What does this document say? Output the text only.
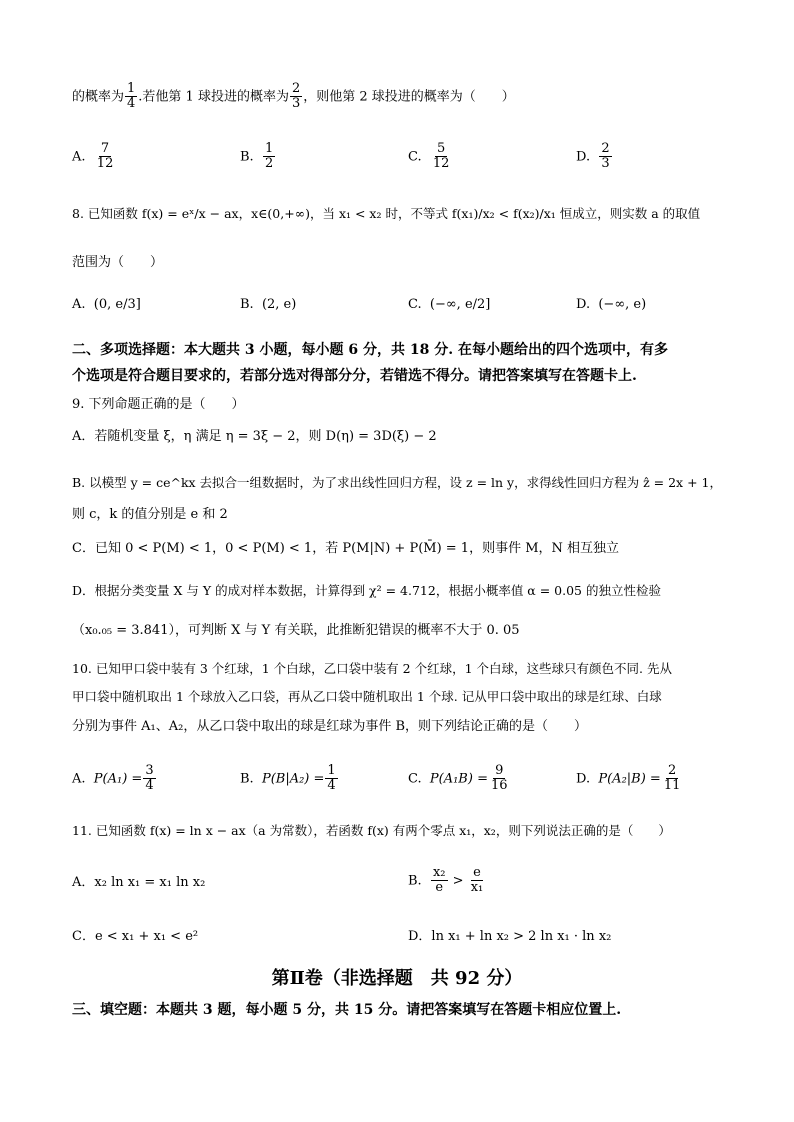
的概率为 $\frac{1}{4}$ .若他第 1 球投进的概率为 $\frac{2}{3}$ ，则他第 2 球投进的概率为（　　）
A. $\frac{7}{12}$	B. $\frac{1}{2}$	C. $\frac{5}{12}$	D. $\frac{2}{3}$
8. 已知函数 f(x) = eˣ/x − ax，x∈(0,+∞)，当 x₁ < x₂ 时，不等式 f(x₁)/x₂ < f(x₂)/x₁ 恒成立，则实数 a 的取值
范围为（　　）
A. (0, e/3]	B. (2, e)	C. (−∞, e/2]	D. (−∞, e)
二、多项选择题：本大题共 3 小题，每小题 6 分，共 18 分. 在每小题给出的四个选项中，有多
个选项是符合题目要求的，若部分选对得部分分，若错选不得分。请把答案填写在答题卡上.
9. 下列命题正确的是（　　）
A．若随机变量 ξ，η 满足 η = 3ξ − 2，则 D(η) = 3D(ξ) − 2
B. 以模型 y = ce^kx 去拟合一组数据时，为了求出线性回归方程，设 z = ln y，求得线性回归方程为 ẑ = 2x + 1，
则 c，k 的值分别是 e 和 2
C．已知 0 < P(M) < 1，0 < P(M) < 1，若 P(M|N) + P(M̄) = 1，则事件 M，N 相互独立
D．根据分类变量 X 与 Y 的成对样本数据，计算得到 χ² = 4.712，根据小概率值 α = 0.05 的独立性检验
（x₀.₀₅ = 3.841），可判断 X 与 Y 有关联，此推断犯错误的概率不大于 0. 05
10. 已知甲口袋中装有 3 个红球，1 个白球，乙口袋中装有 2 个红球，1 个白球，这些球只有颜色不同. 先从
甲口袋中随机取出 1 个球放入乙口袋，再从乙口袋中随机取出 1 个球. 记从甲口袋中取出的球是红球、白球
分别为事件 A₁、A₂，从乙口袋中取出的球是红球为事件 B，则下列结论正确的是（　　）
A. $P(A_1) = \frac{3}{4}$	B. $P(B|A_2) = \frac{1}{4}$	C. $P(A_1B) = \frac{9}{16}$	D. $P(A_2|B) = \frac{2}{11}$
11. 已知函数 f(x) = ln x − ax（a 为常数），若函数 f(x) 有两个零点 x₁，x₂，则下列说法正确的是（　　）
A．x₂ ln x₁ = x₁ ln x₂	B. $\frac{\text{x₂}}{e} > \frac{e}{\text{x₁}}$
C．e < x₁ + x₁ < e²	D．ln x₁ + ln x₂ > 2 ln x₁ · ln x₂
第Ⅱ卷（非选择题　共 92 分）
三、填空题：本题共 3 题，每小题 5 分，共 15 分。请把答案填写在答题卡相应位置上.
